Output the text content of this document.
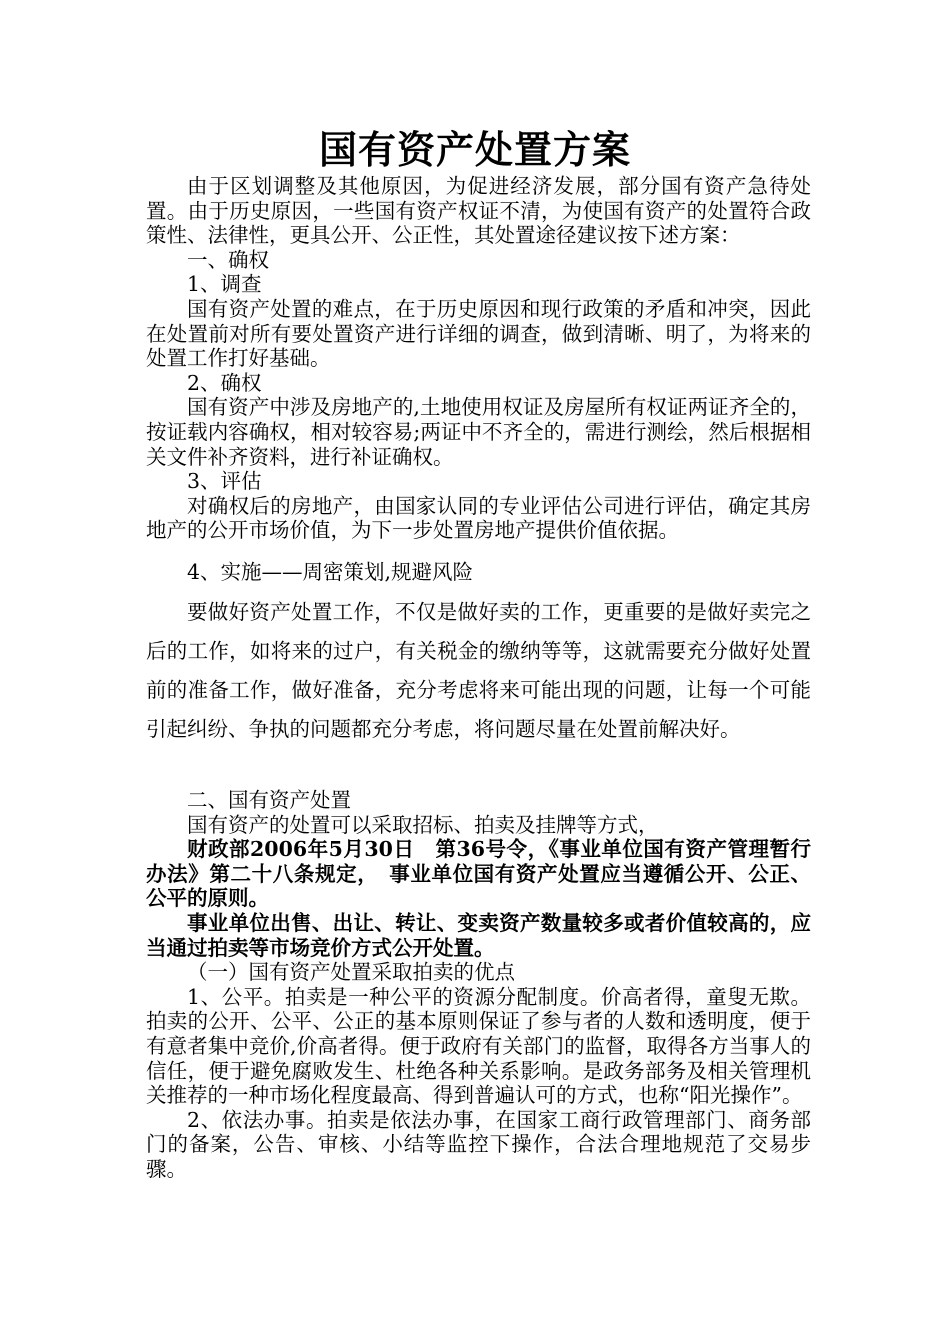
国有资产处置方案

由于区划调整及其他原因，为促进经济发展，部分国有资产急待处置。由于历史原因，一些国有资产权证不清，为使国有资产的处置符合政策性、法律性，更具公开、公正性，其处置途径建议按下述方案：

一、确权

1、调查

国有资产处置的难点，在于历史原因和现行政策的矛盾和冲突，因此在处置前对所有要处置资产进行详细的调查，做到清晰、明了，为将来的处置工作打好基础。

2、确权

国有资产中涉及房地产的,土地使用权证及房屋所有权证两证齐全的，按证载内容确权，相对较容易;两证中不齐全的，需进行测绘，然后根据相关文件补齐资料，进行补证确权。

3、评估

对确权后的房地产，由国家认同的专业评估公司进行评估，确定其房地产的公开市场价值，为下一步处置房地产提供价值依据。

4、实施——周密策划,规避风险

要做好资产处置工作，不仅是做好卖的工作，更重要的是做好卖完之后的工作，如将来的过户，有关税金的缴纳等等，这就需要充分做好处置前的准备工作，做好准备，充分考虑将来可能出现的问题，让每一个可能引起纠纷、争执的问题都充分考虑，将问题尽量在处置前解决好。

二、国有资产处置

国有资产的处置可以采取招标、拍卖及挂牌等方式，

财政部2006年5月30日　第36号令，《事业单位国有资产管理暂行办法》第二十八条规定，　事业单位国有资产处置应当遵循公开、公正、公平的原则。

事业单位出售、出让、转让、变卖资产数量较多或者价值较高的，应当通过拍卖等市场竞价方式公开处置。

（一）国有资产处置采取拍卖的优点

1、公平。拍卖是一种公平的资源分配制度。价高者得，童叟无欺。拍卖的公开、公平、公正的基本原则保证了参与者的人数和透明度，便于有意者集中竞价,价高者得。便于政府有关部门的监督，取得各方当事人的信任，便于避免腐败发生、杜绝各种关系影响。是政务部务及相关管理机关推荐的一种市场化程度最高、得到普遍认可的方式，也称“阳光操作”。

2、依法办事。拍卖是依法办事，在国家工商行政管理部门、商务部门的备案，公告、审核、小结等监控下操作，合法合理地规范了交易步骤。
